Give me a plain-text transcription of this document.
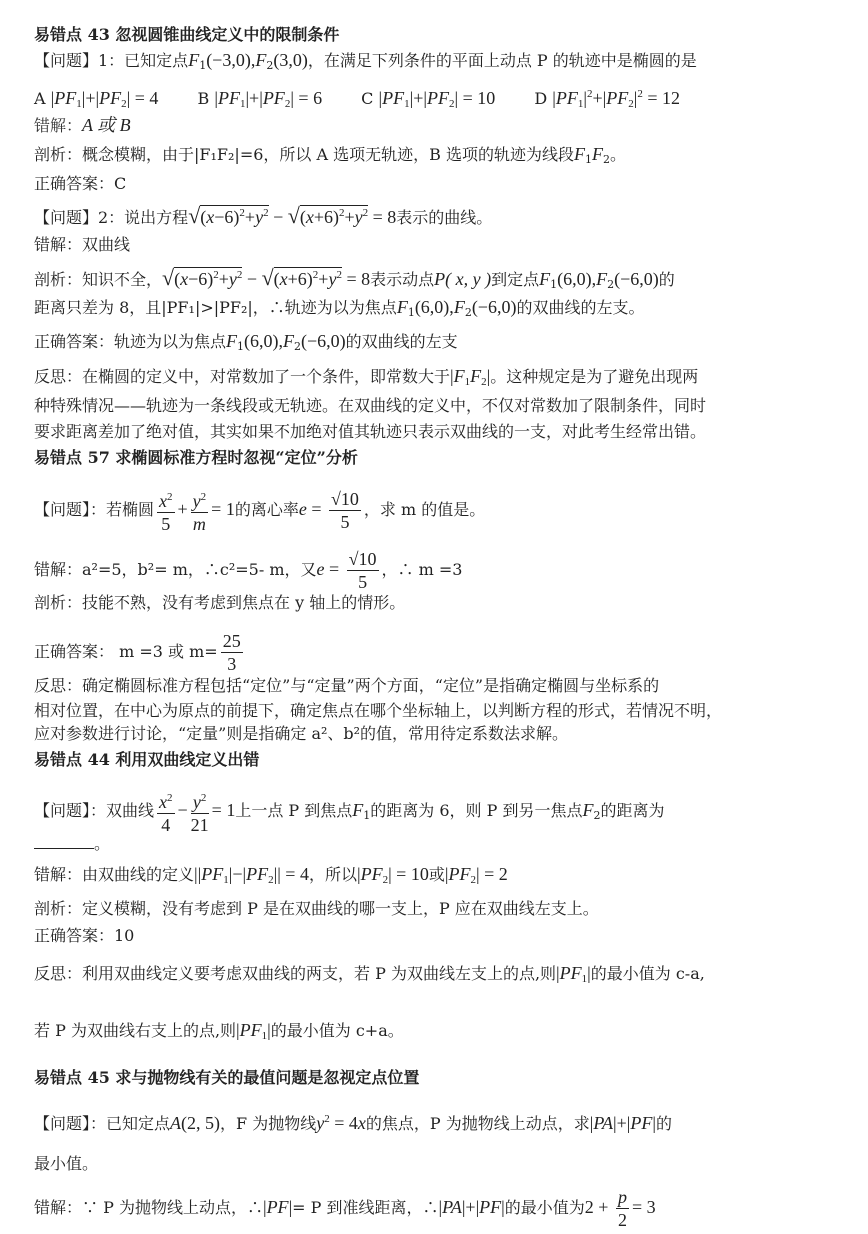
易错点 43 忽视圆锥曲线定义中的限制条件
【问题】1：已知定点$F_1(-3,0),F_2(3,0)$，在满足下列条件的平面上动点 P 的轨迹中是椭圆的是
A $|PF_1|+|PF_2| = 4$ B $|PF_1|+|PF_2| = 6$ C $|PF_1|+|PF_2| = 10$ D $|PF_1|^2+|PF_2|^2 = 12$
错解：A 或 B
剖析：概念模糊，由于|F₁F₂|=6，所以 A 选项无轨迹，B 选项的轨迹为线段$F_1F_2$。
正确答案：C
【问题】2：说出方程$√(x-6)^2+y^2 - √(x+6)^2+y^2 = 8$表示的曲线。
错解：双曲线
剖析：知识不全，$√(x-6)^2+y^2 - √(x+6)^2+y^2 = 8$表示动点P( x, y )到定点$F_1(6,0),F_2(-6,0)$的
距离只差为 8，且|PF₁|>|PF₂|，∴轨迹为以为焦点$F_1(6,0),F_2(-6,0)$的双曲线的左支。
正确答案：轨迹为以为焦点$F_1(6,0),F_2(-6,0)$的双曲线的左支
反思：在椭圆的定义中，对常数加了一个条件，即常数大于$|F_1F_2|$。这种规定是为了避免出现两
种特殊情况——轨迹为一条线段或无轨迹。在双曲线的定义中，不仅对常数加了限制条件，同时
要求距离差加了绝对值，其实如果不加绝对值其轨迹只表示双曲线的一支，对此考生经常出错。
易错点 57 求椭圆标准方程时忽视“定位”分析
【问题】：若椭圆 $\frac{x^2}{5} + \frac{y^2}{m} = 1$的离心率$e = \frac{√10}{5}$ ，求 m 的值是。
错解：a²=5，b²= m，∴c²=5- m，又$e = \frac{√10}{5}$ ，∴ m =3
剖析：技能不熟，没有考虑到焦点在 y 轴上的情形。
正确答案： m =3 或 $m= \frac{25}{3}$
反思：确定椭圆标准方程包括“定位”与“定量”两个方面，“定位”是指确定椭圆与坐标系的
相对位置，在中心为原点的前提下，确定焦点在哪个坐标轴上，以判断方程的形式，若情况不明，
应对参数进行讨论，“定量”则是指确定 a²、b²的值，常用待定系数法求解。
易错点 44 利用双曲线定义出错
【问题】：双曲线 $\frac{x^2}{4} - \frac{y^2}{21} = 1$上一点 P 到焦点$F_1$的距离为 6，则 P 到另一焦点$F_2$的距离为
。
错解：由双曲线的定义$||PF_1|-|PF_2|| = 4$，所以$|PF_2| = 10$或$|PF_2| = 2$
剖析：定义模糊，没有考虑到 P 是在双曲线的哪一支上，P 应在双曲线左支上。
正确答案：10
反思：利用双曲线定义要考虑双曲线的两支，若 P 为双曲线左支上的点,则$|PF_1|$的最小值为 c-a,
若 P 为双曲线右支上的点,则$|PF_1|$的最小值为 c+a。
易错点 45 求与抛物线有关的最值问题是忽视定点位置
【问题】：已知定点A(2, 5)，F 为抛物线$y^2 = 4x$的焦点，P 为抛物线上动点，求|PA|+|PF|的
最小值。
错解：∵ P 为抛物线上动点，∴|PF|= P 到准线距离，∴|PA|+|PF|的最小值为$2 + \frac{p}{2} = 3$
